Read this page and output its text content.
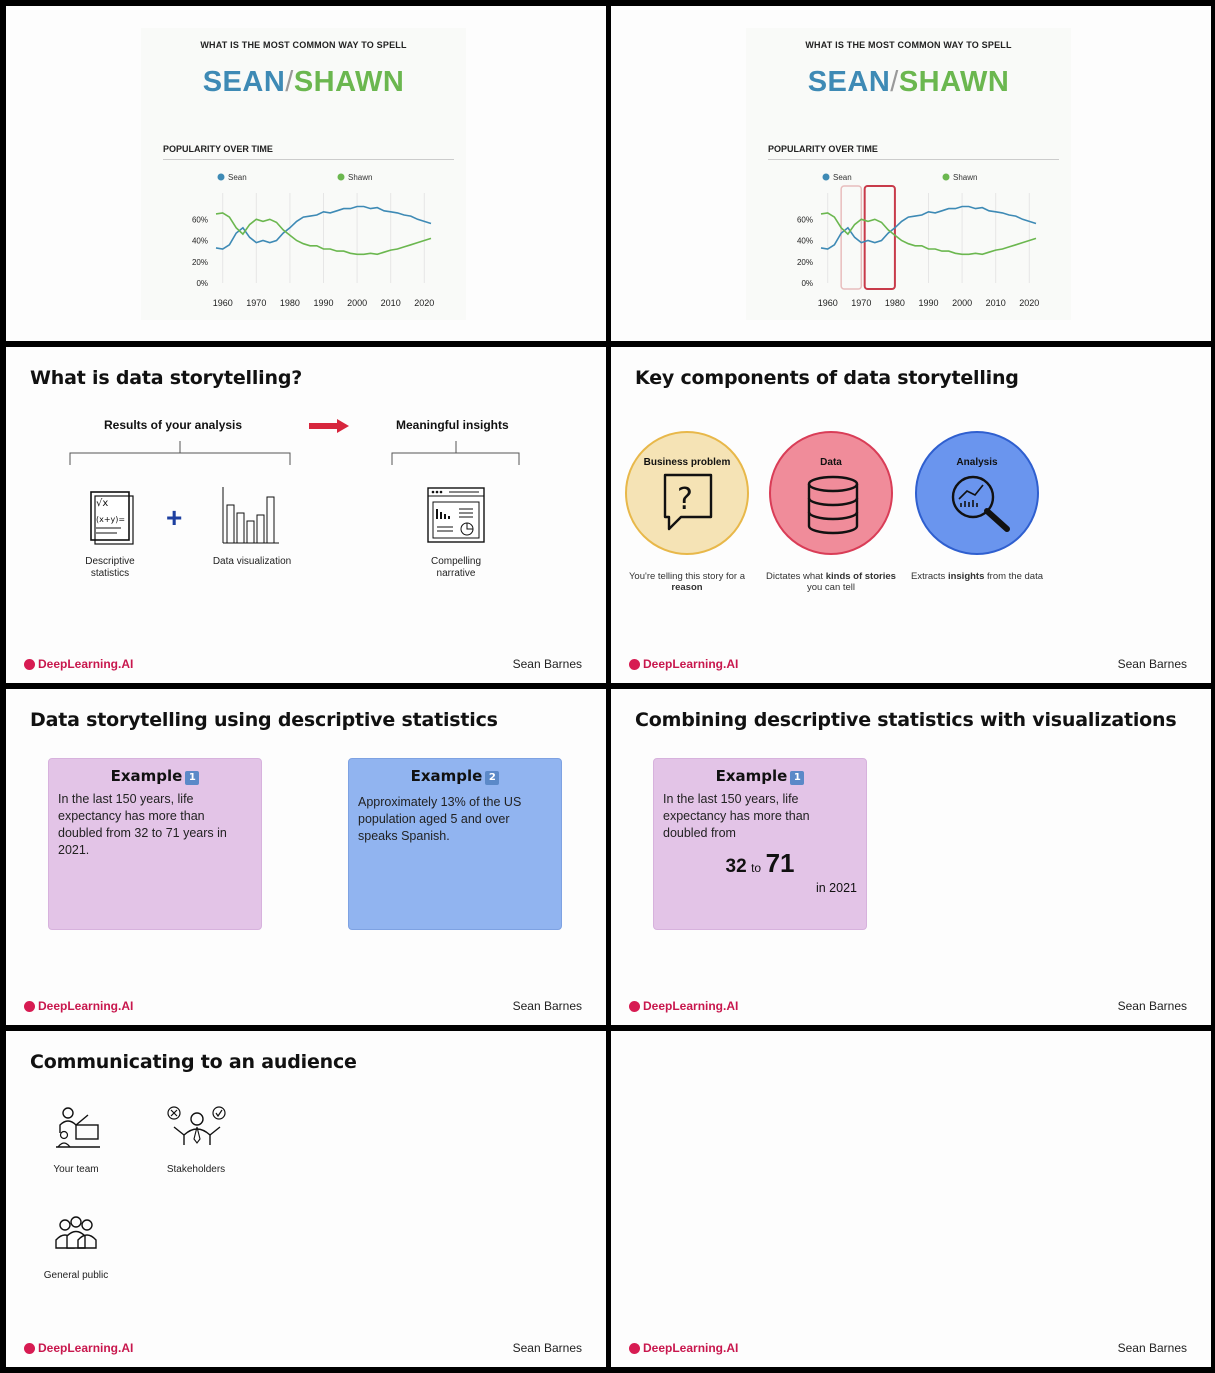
WHAT IS THE MOST COMMON WAY TO SPELL
SEAN/SHAWN
POPULARITY OVER TIME
1960 1970 1980 1990 2000 2010 2020
0%
20%
40%
60%
Sean	Shawn
WHAT IS THE MOST COMMON WAY TO SPELL
SEAN/SHAWN
POPULARITY OVER TIME
1960 1970 1980 1990 2000 2010 2020
0%
20%
40%
60%
Sean	Shawn
What is data storytelling?
Results of your analysis	Meaningful insights
√x
(x+y)= +
Descriptive statistics
Data visualization	Compelling narrative
DeepLearning.AI	Sean Barnes
Key components of data storytelling
Business problem
?
Data	Analysis
You're telling this story for a reason
Dictates what kinds of stories you can tell
Extracts insights from the data
DeepLearning.AI	Sean Barnes
Data storytelling using descriptive statistics
Example 1
In the last 150 years, life expectancy has more than doubled from 32 to 71 years in 2021.
Example 2
Approximately 13% of the US population aged 5 and over speaks Spanish.
DeepLearning.AI	Sean Barnes
Combining descriptive statistics with visualizations
Example 1
In the last 150 years, life expectancy has more than doubled from
32 to 71
in 2021
DeepLearning.AI	Sean Barnes
Communicating to an audience
Your team	Stakeholders
General public
DeepLearning.AI	Sean Barnes	DeepLearning.AI	Sean Barnes
